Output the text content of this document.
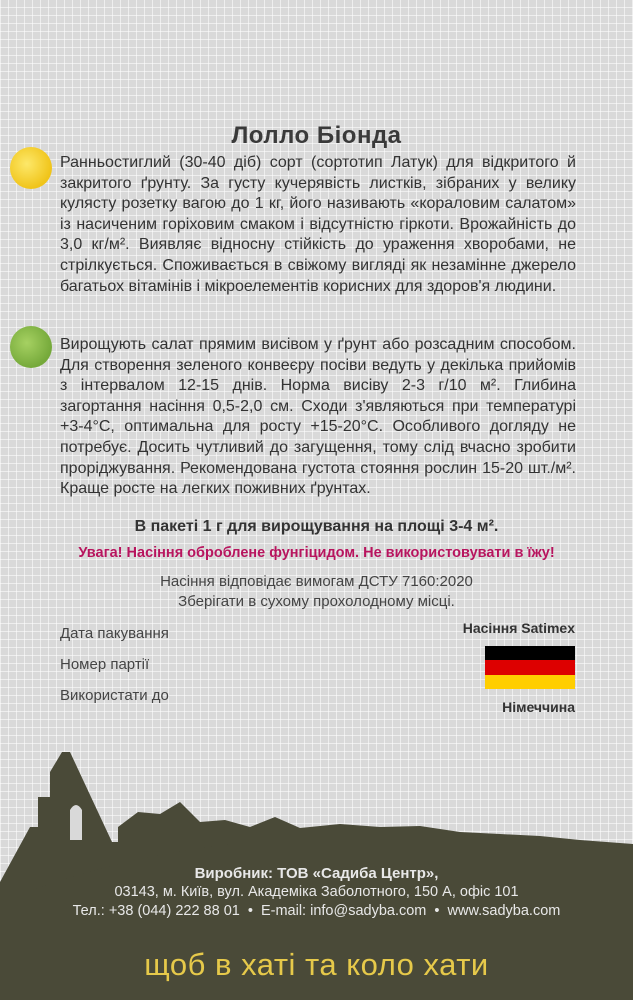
Лолло Біонда
Ранньостиглий (30-40 діб) сорт (сортотип Латук) для відкритого й закритого ґрунту. За густу кучерявість листків, зібраних у велику кулясту розетку вагою до 1 кг, його називають «кораловим салатом» із насиченим горіховим смаком і відсутністю гіркоти. Врожайність до 3,0 кг/м². Виявляє відносну стійкість до ураження хворобами, не стрілкується. Споживається в свіжому вигляді як незамінне джерело багатьох вітамінів і мікроелементів корисних для здоров'я людини.
Вирощують салат прямим висівом у ґрунт або розсадним способом. Для створення зеленого конвеєру посіви ведуть у декілька прийомів з інтервалом 12-15 днів. Норма висіву 2-3 г/10 м². Глибина загортання насіння 0,5-2,0 см. Сходи з'являються при температурі +3-4°С, оптимальна для росту +15-20°С. Особливого догляду не потребує. Досить чутливий до загущення, тому слід вчасно зробити проріджування. Рекомендована густота стояння рослин 15-20 шт./м². Краще росте на легких поживних ґрунтах.
В пакеті 1 г для вирощування на площі 3-4 м².
Увага! Насіння оброблене фунгіцидом. Не використовувати в їжу!
Насіння відповідає вимогам ДСТУ 7160:2020
Зберігати в сухому прохолодному місці.
Дата пакування
Номер партії
Використати до
Насіння Satimex
Німеччина
Виробник: ТОВ «Садиба Центр»,
03143, м. Київ, вул. Академіка Заболотного, 150 А, офіс 101
Тел.: +38 (044) 222 88 01 • E-mail: info@sadyba.com • www.sadyba.com
щоб в хаті та коло хати
